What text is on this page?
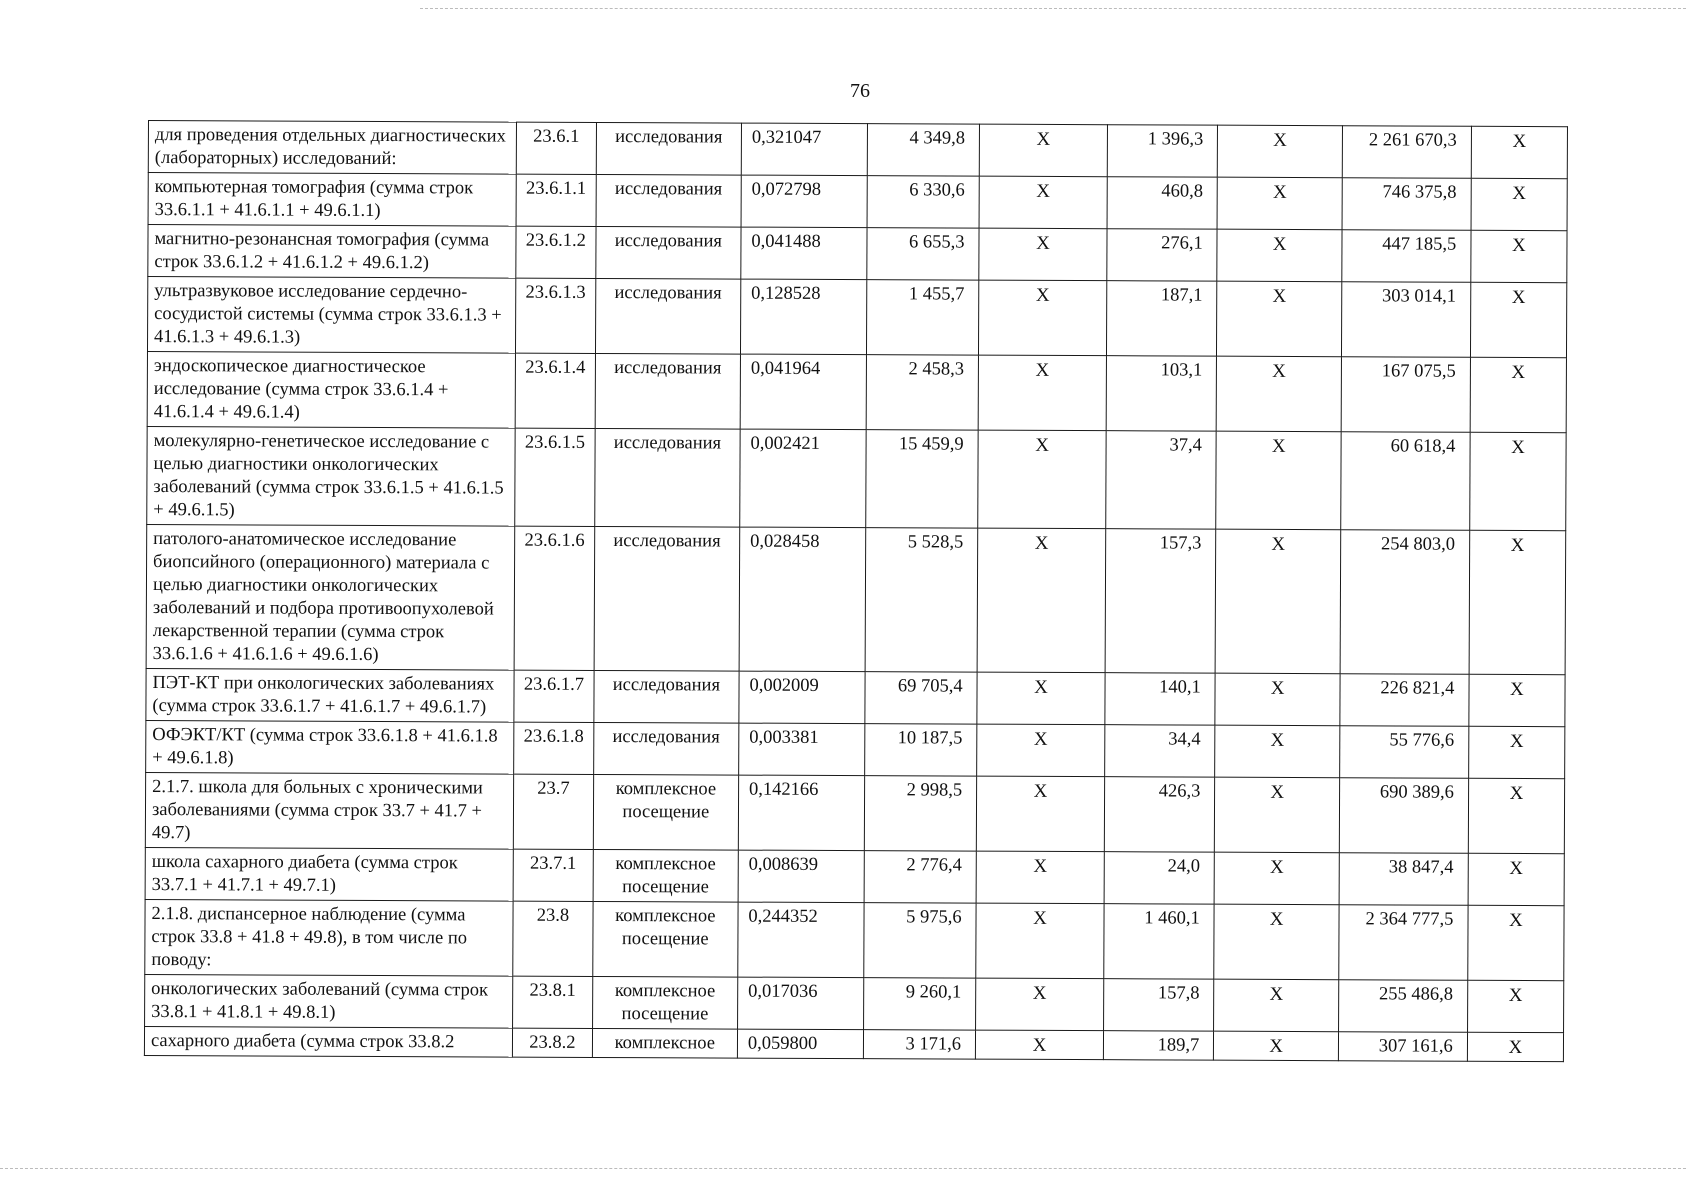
76
для проведения отдельных диагностических (лабораторных) исследований:	23.6.1	исследования	0,321047	4 349,8	Х	1 396,3	Х	2 261 670,3	Х
компьютерная томография (сумма строк 33.6.1.1 + 41.6.1.1 + 49.6.1.1)	23.6.1.1	исследования	0,072798	6 330,6	Х	460,8	Х	746 375,8	Х
магнитно-резонансная томография (сумма строк 33.6.1.2 + 41.6.1.2 + 49.6.1.2)	23.6.1.2	исследования	0,041488	6 655,3	Х	276,1	Х	447 185,5	Х
ультразвуковое исследование сердечно-сосудистой системы (сумма строк 33.6.1.3 + 41.6.1.3 + 49.6.1.3)	23.6.1.3	исследования	0,128528	1 455,7	Х	187,1	Х	303 014,1	Х
эндоскопическое диагностическое исследование (сумма строк 33.6.1.4 + 41.6.1.4 + 49.6.1.4)	23.6.1.4	исследования	0,041964	2 458,3	Х	103,1	Х	167 075,5	Х
молекулярно-генетическое исследование с целью диагностики онкологических заболеваний (сумма строк 33.6.1.5 + 41.6.1.5 + 49.6.1.5)	23.6.1.5	исследования	0,002421	15 459,9	Х	37,4	Х	60 618,4	Х
патолого-анатомическое исследование биопсийного (операционного) материала с целью диагностики онкологических заболеваний и подбора противоопухолевой лекарственной терапии (сумма строк 33.6.1.6 + 41.6.1.6 + 49.6.1.6)	23.6.1.6	исследования	0,028458	5 528,5	Х	157,3	Х	254 803,0	Х
ПЭТ-КТ при онкологических заболеваниях (сумма строк 33.6.1.7 + 41.6.1.7 + 49.6.1.7)	23.6.1.7	исследования	0,002009	69 705,4	Х	140,1	Х	226 821,4	Х
ОФЭКТ/КТ (сумма строк 33.6.1.8 + 41.6.1.8 + 49.6.1.8)	23.6.1.8	исследования	0,003381	10 187,5	Х	34,4	Х	55 776,6	Х
2.1.7. школа для больных с хроническими заболеваниями (сумма строк 33.7 + 41.7 + 49.7)	23.7	комплексное посещение	0,142166	2 998,5	Х	426,3	Х	690 389,6	Х
школа сахарного диабета (сумма строк 33.7.1 + 41.7.1 + 49.7.1)	23.7.1	комплексное посещение	0,008639	2 776,4	Х	24,0	Х	38 847,4	Х
2.1.8. диспансерное наблюдение (сумма строк 33.8 + 41.8 + 49.8), в том числе по поводу:	23.8	комплексное посещение	0,244352	5 975,6	Х	1 460,1	Х	2 364 777,5	Х
онкологических заболеваний (сумма строк 33.8.1 + 41.8.1 + 49.8.1)	23.8.1	комплексное посещение	0,017036	9 260,1	Х	157,8	Х	255 486,8	Х
сахарного диабета (сумма строк 33.8.2	23.8.2	комплексное	0,059800	3 171,6	Х	189,7	Х	307 161,6	Х
